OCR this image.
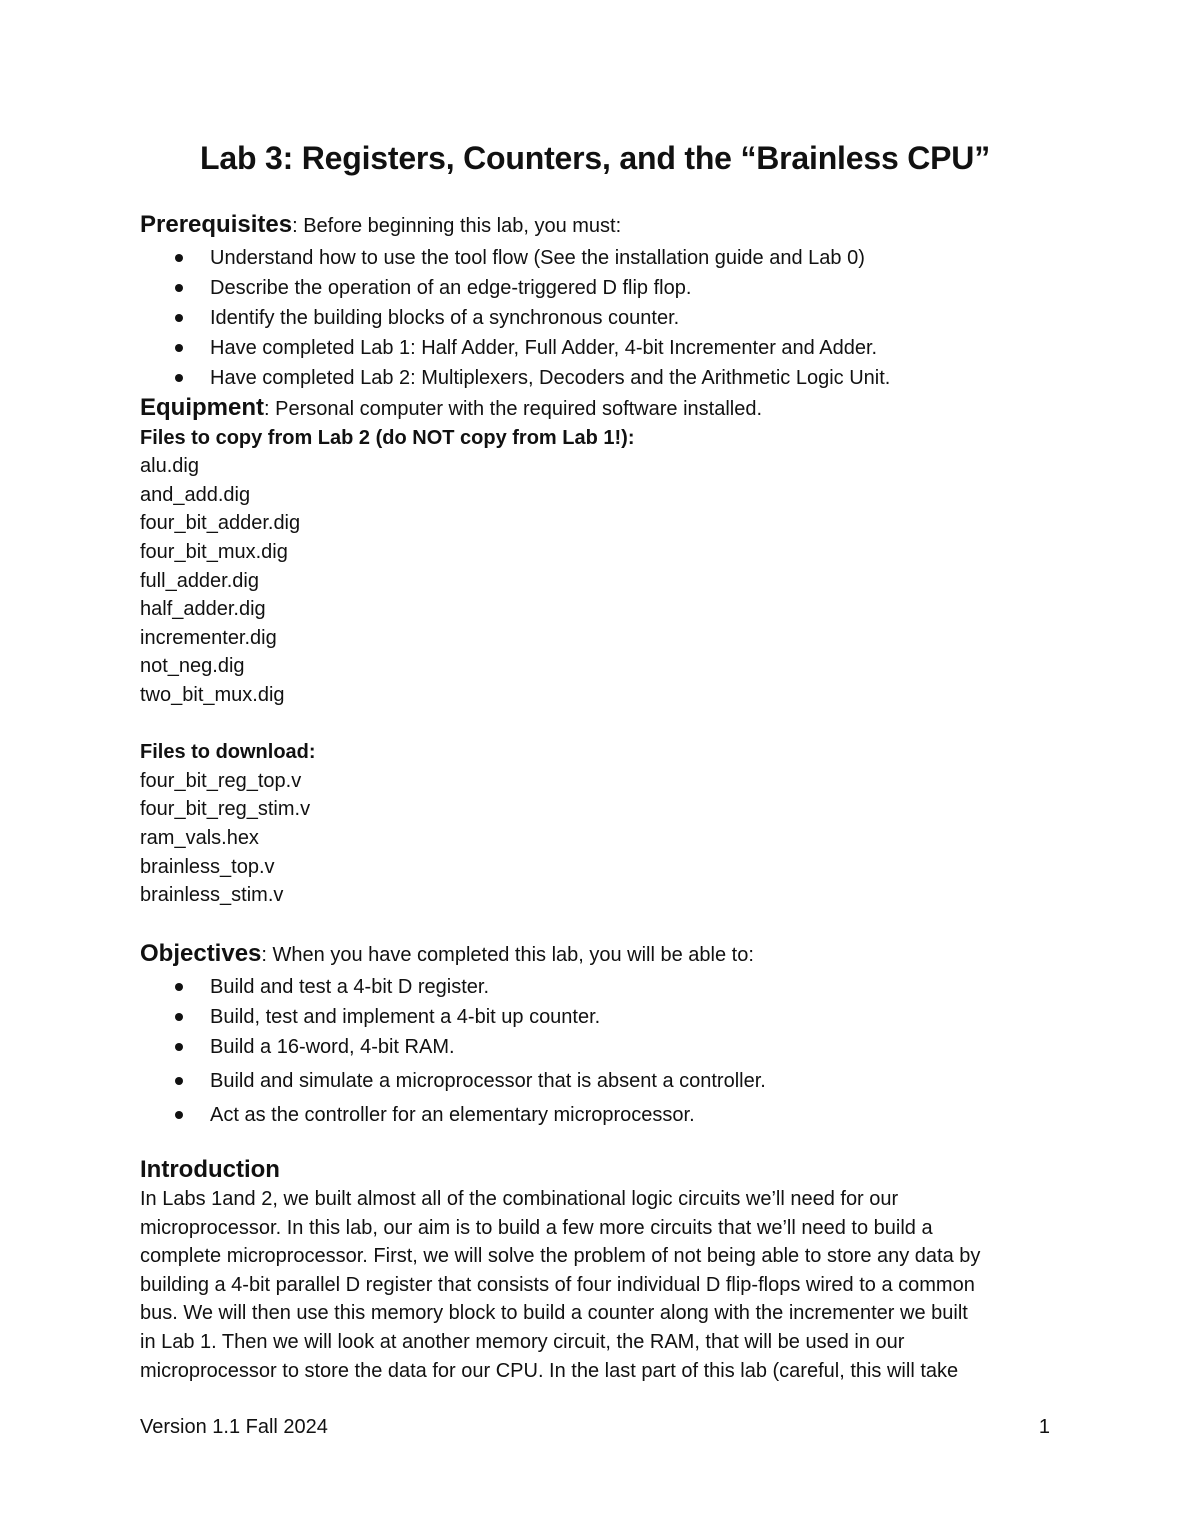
Lab 3: Registers, Counters, and the “Brainless CPU”
Prerequisites: Before beginning this lab, you must:
Understand how to use the tool flow (See the installation guide and Lab 0)
Describe the operation of an edge-triggered D flip flop.
Identify the building blocks of a synchronous counter.
Have completed Lab 1: Half Adder, Full Adder, 4-bit Incrementer and Adder.
Have completed Lab 2: Multiplexers, Decoders and the Arithmetic Logic Unit.
Equipment: Personal computer with the required software installed.
Files to copy from Lab 2 (do NOT copy from Lab 1!):
alu.dig
and_add.dig
four_bit_adder.dig
four_bit_mux.dig
full_adder.dig
half_adder.dig
incrementer.dig
not_neg.dig
two_bit_mux.dig
Files to download:
four_bit_reg_top.v
four_bit_reg_stim.v
ram_vals.hex
brainless_top.v
brainless_stim.v
Objectives: When you have completed this lab, you will be able to:
Build and test a 4-bit D register.
Build, test and implement a 4-bit up counter.
Build a 16-word, 4-bit RAM.
Build and simulate a microprocessor that is absent a controller.
Act as the controller for an elementary microprocessor.
Introduction
In Labs 1and 2, we built almost all of the combinational logic circuits we’ll need for our
microprocessor. In this lab, our aim is to build a few more circuits that we’ll need to build a
complete microprocessor. First, we will solve the problem of not being able to store any data by
building a 4-bit parallel D register that consists of four individual D flip-flops wired to a common
bus. We will then use this memory block to build a counter along with the incrementer we built
in Lab 1. Then we will look at another memory circuit, the RAM, that will be used in our
microprocessor to store the data for our CPU. In the last part of this lab (careful, this will take
Version 1.1 Fall 2024	1
